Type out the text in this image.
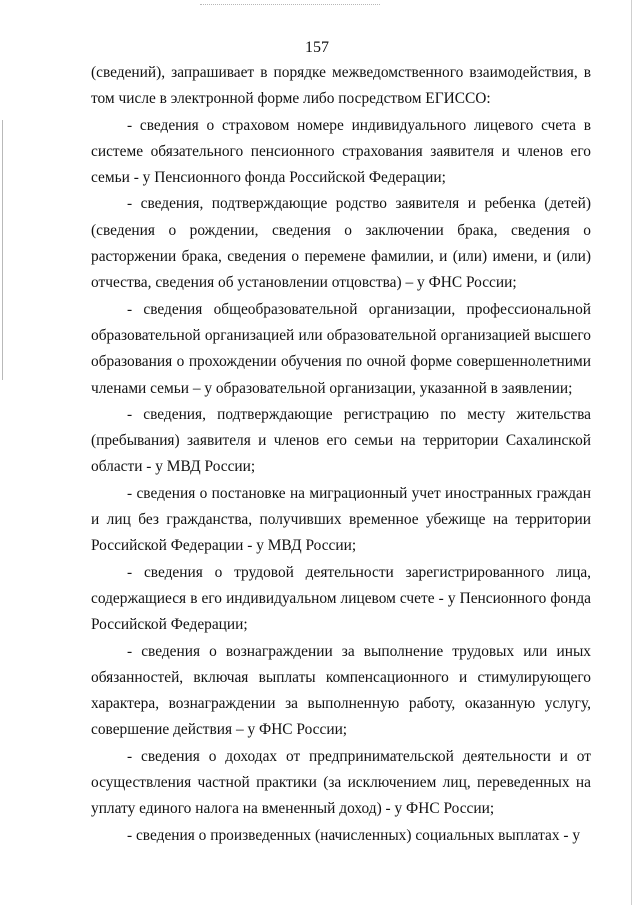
157

(сведений), запрашивает в порядке межведомственного взаимодействия, в том числе в электронной форме либо посредством ЕГИССО:

- сведения о страховом номере индивидуального лицевого счета в системе обязательного пенсионного страхования заявителя и членов его семьи - у Пенсионного фонда Российской Федерации;

- сведения, подтверждающие родство заявителя и ребенка (детей) (сведения о рождении, сведения о заключении брака, сведения о расторжении брака, сведения о перемене фамилии, и (или) имени, и (или) отчества, сведения об установлении отцовства) – у ФНС России;

- сведения общеобразовательной организации, профессиональной образовательной организацией или образовательной организацией высшего образования о прохождении обучения по очной форме совершеннолетними членами семьи – у образовательной организации, указанной в заявлении;

- сведения, подтверждающие регистрацию по месту жительства (пребывания) заявителя и членов его семьи на территории Сахалинской области - у МВД России;

- сведения о постановке на миграционный учет иностранных граждан и лиц без гражданства, получивших временное убежище на территории Российской Федерации - у МВД России;

- сведения о трудовой деятельности зарегистрированного лица, содержащиеся в его индивидуальном лицевом счете - у Пенсионного фонда Российской Федерации;

- сведения о вознаграждении за выполнение трудовых или иных обязанностей, включая выплаты компенсационного и стимулирующего характера, вознаграждении за выполненную работу, оказанную услугу, совершение действия – у ФНС России;

- сведения о доходах от предпринимательской деятельности и от осуществления частной практики (за исключением лиц, переведенных на уплату единого налога на вмененный доход) - у ФНС России;

- сведения о произведенных (начисленных) социальных выплатах - у
